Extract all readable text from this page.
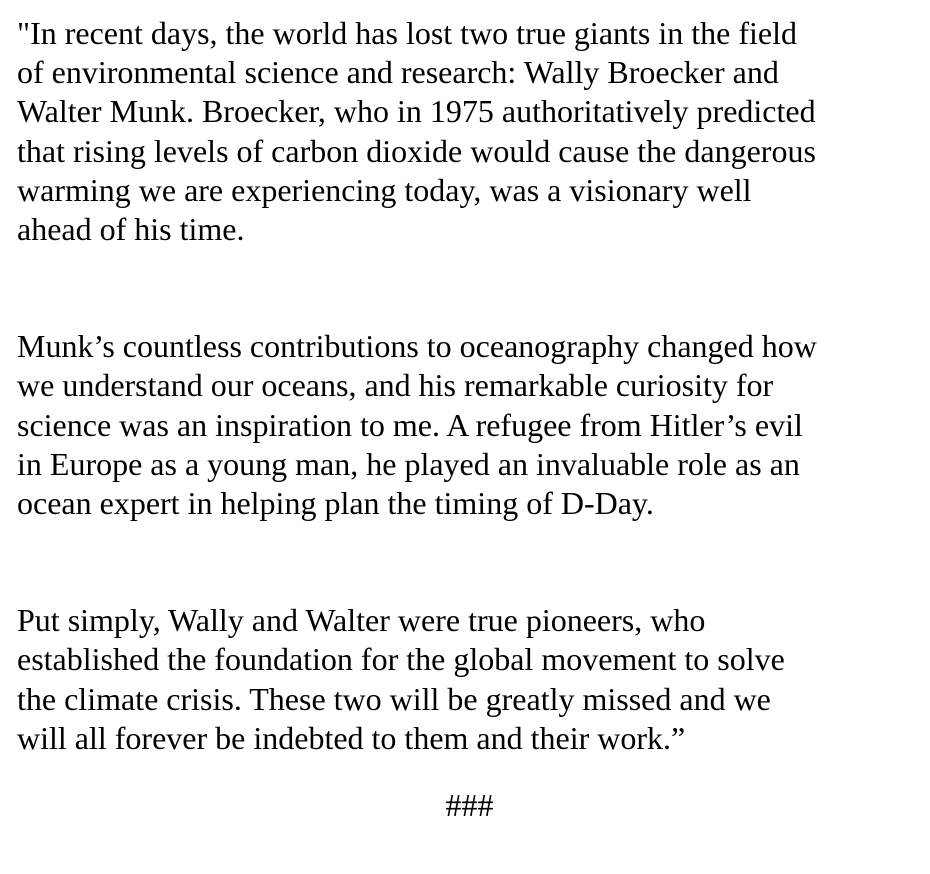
"In recent days, the world has lost two true giants in the field
of environmental science and research: Wally Broecker and
Walter Munk. Broecker, who in 1975 authoritatively predicted
that rising levels of carbon dioxide would cause the dangerous
warming we are experiencing today, was a visionary well
ahead of his time.

Munk’s countless contributions to oceanography changed how
we understand our oceans, and his remarkable curiosity for
science was an inspiration to me. A refugee from Hitler’s evil
in Europe as a young man, he played an invaluable role as an
ocean expert in helping plan the timing of D-Day.

Put simply, Wally and Walter were true pioneers, who
established the foundation for the global movement to solve
the climate crisis. These two will be greatly missed and we
will all forever be indebted to them and their work.”

###
